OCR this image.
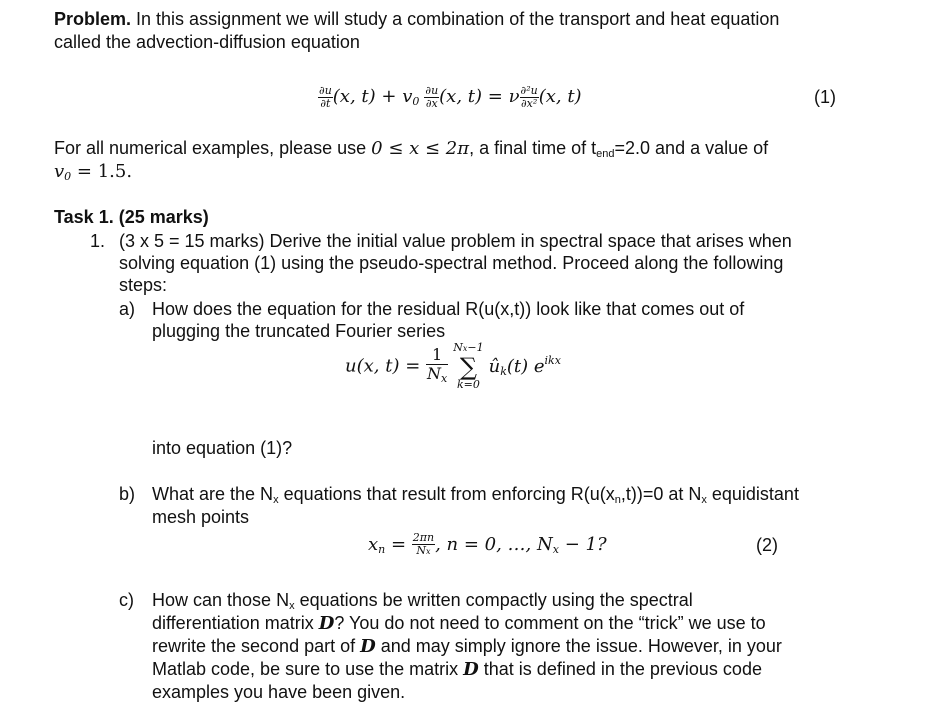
Problem. In this assignment we will study a combination of the transport and heat equation
called the advection-diffusion equation
$\frac{\partial u}{\partial t} (x$, $t) + v_0 \frac{\partial u}{\partial x} (x$, t) = ν $\frac{\text{∂²u}}{\text{∂x²}} (x$, t)	(1)
For all numerical examples, please use 0 ≤ x ≤ 2π, a final time of $t_{end}=2.0$ and a value of
$v_0 = 1.5$.
Task 1. (25 marks)
1. (3 x 5 = 15 marks) Derive the initial value problem in spectral space that arises when
solving equation (1) using the pseudo-spectral method. Proceed along the following
steps:
a) How does the equation for the residual R(u(x,t)) look like that comes out of
plugging the truncated Fourier series
u(x, $t) = \frac{1}{N_x}$
Nx−1
∑
k=0
$û_k(t)$ $e^{ikx}$
into equation (1)?
b) What are the $N_x$ equations that result from enforcing $R(u(x_n,t))=0$ at $N_x$ equidistant
mesh points
$x_n = \frac{2\pi n}{Nx}$ , n = 0, …, $N_x - 1$?	(2)
c) How can those $N_x$ equations be written compactly using the spectral
differentiation matrix D? You do not need to comment on the “trick” we use to
rewrite the second part of D and may simply ignore the issue. However, in your
Matlab code, be sure to use the matrix D that is defined in the previous code
examples you have been given.
